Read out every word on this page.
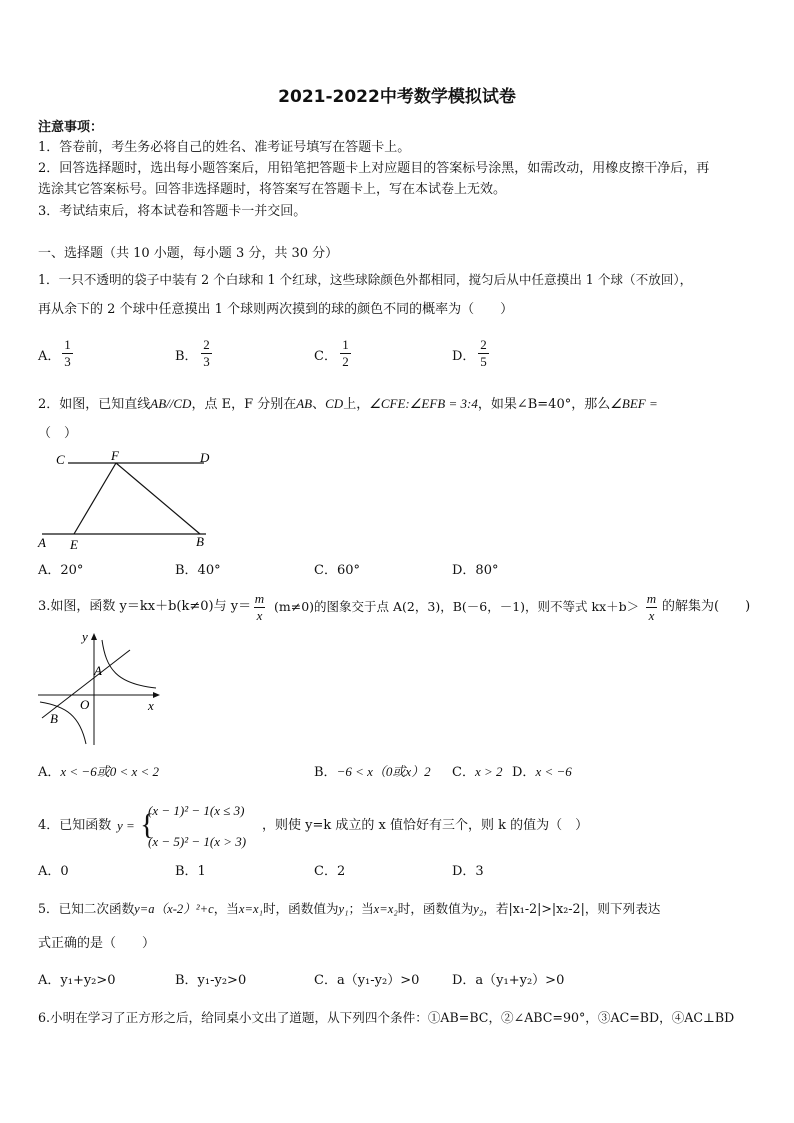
2021-2022中考数学模拟试卷
注意事项：
1．答卷前，考生务必将自己的姓名、准考证号填写在答题卡上。
2．回答选择题时，选出每小题答案后，用铅笔把答题卡上对应题目的答案标号涂黑，如需改动，用橡皮擦干净后，再
选涂其它答案标号。回答非选择题时，将答案写在答题卡上，写在本试卷上无效。
3．考试结束后，将本试卷和答题卡一并交回。
一、选择题（共 10 小题，每小题 3 分，共 30 分）
1．一只不透明的袋子中装有 2 个白球和 1 个红球，这些球除颜色外都相同，搅匀后从中任意摸出 1 个球（不放回），
再从余下的 2 个球中任意摸出 1 个球则两次摸到的球的颜色不同的概率为（　　）
A．
1
3	B．
2
3	C．
1
2	D．
2
5
2．如图，已知直线AB//CD，点 E，F 分别在AB、CD上，∠CFE:∠EFB = 3:4，如果∠B=40°，那么∠BEF =
（　）
C	F	D
A E	B
A．20°	B．40°	C．60°	D．80°
3.如图，函数 y＝kx＋b(k≠0)与 y＝
m
x
(m≠0)的图象交于点 A(2，3)，B(－6，－1)，则不等式 kx＋b＞
m
x
的解集为(　　)
y
x
O
A
B
A．x < −6或0 < x < 2	B．−6 < x（0或x）2 C．x > 2 D．x < −6
4．已知函数 y = {
(x − 1)² − 1(x ≤ 3)
(x − 5)² − 1(x > 3)
，则使 y=k 成立的 x 值恰好有三个，则 k 的值为（　）
A．0	B．1	C．2	D．3
5．已知二次函数y=a（x-2）²+c，当x=x₁时，函数值为y₁；当x=x₂时，函数值为y₂，若|x₁-2|>|x₂-2|，则下列表达
式正确的是（　　）
A．y₁+y₂>0	B．y₁-y₂>0	C．a（y₁-y₂）>0	D．a（y₁+y₂）>0
6.小明在学习了正方形之后，给同桌小文出了道题，从下列四个条件：①AB=BC，②∠ABC=90°，③AC=BD，④AC⊥BD
